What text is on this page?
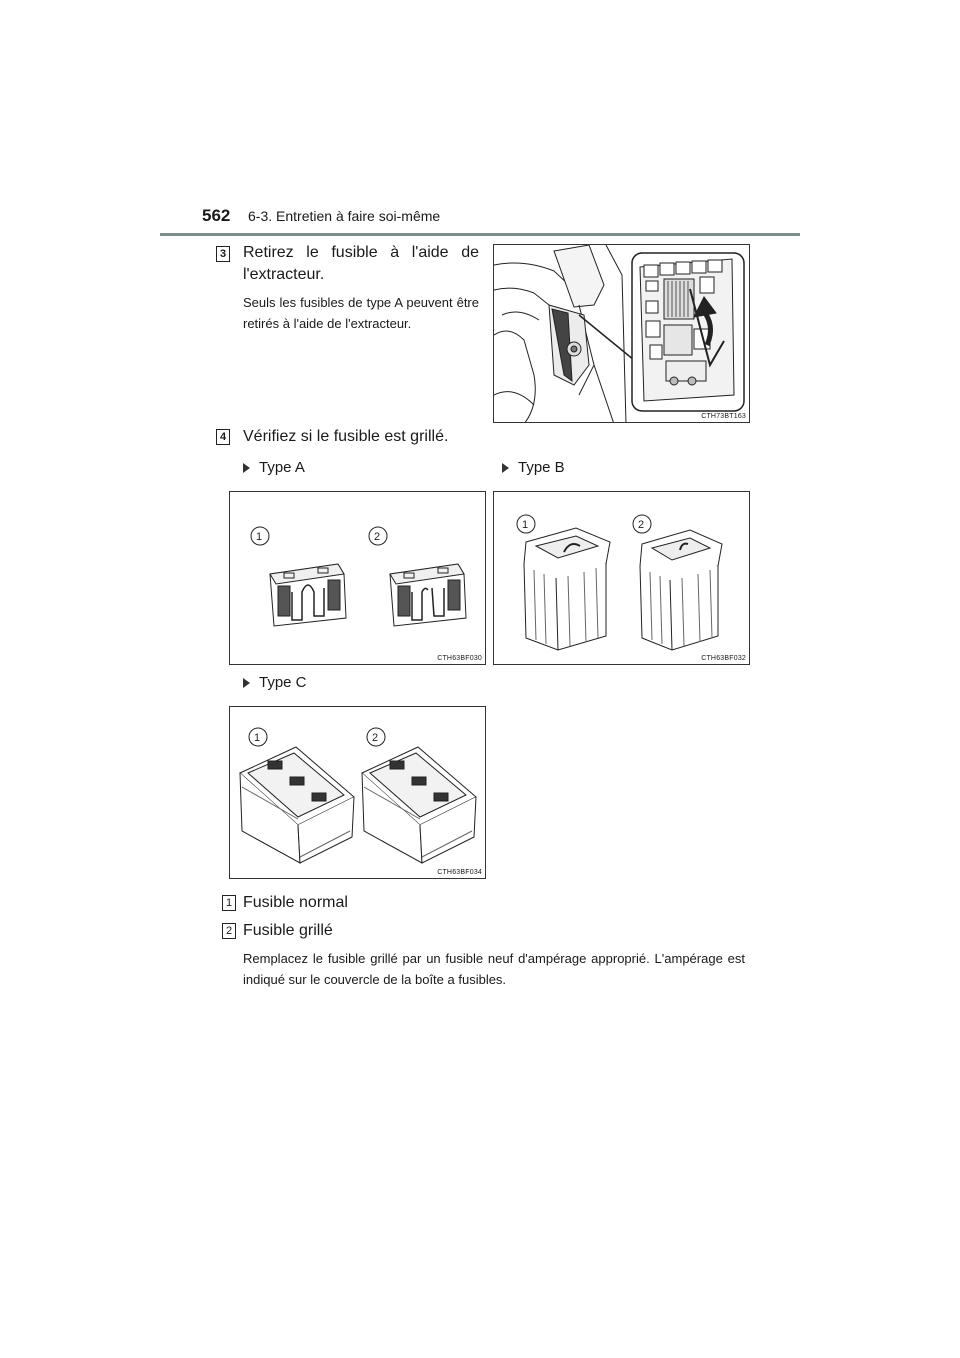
562 6-3. Entretien à faire soi-même
3 Retirez le fusible à l'aide de l'extracteur.
Seuls les fusibles de type A peuvent être retirés à l'aide de l'extracteur.
CTH73BT163
4 Vérifiez si le fusible est grillé.
Type A	Type B
1	2
CTH63BF030
1	2
CTH63BF032
Type C
1	2
CTH63BF034
1 Fusible normal
2 Fusible grillé
Remplacez le fusible grillé par un fusible neuf d'ampérage approprié. L'ampérage est indiqué sur le couvercle de la boîte a fusibles.
